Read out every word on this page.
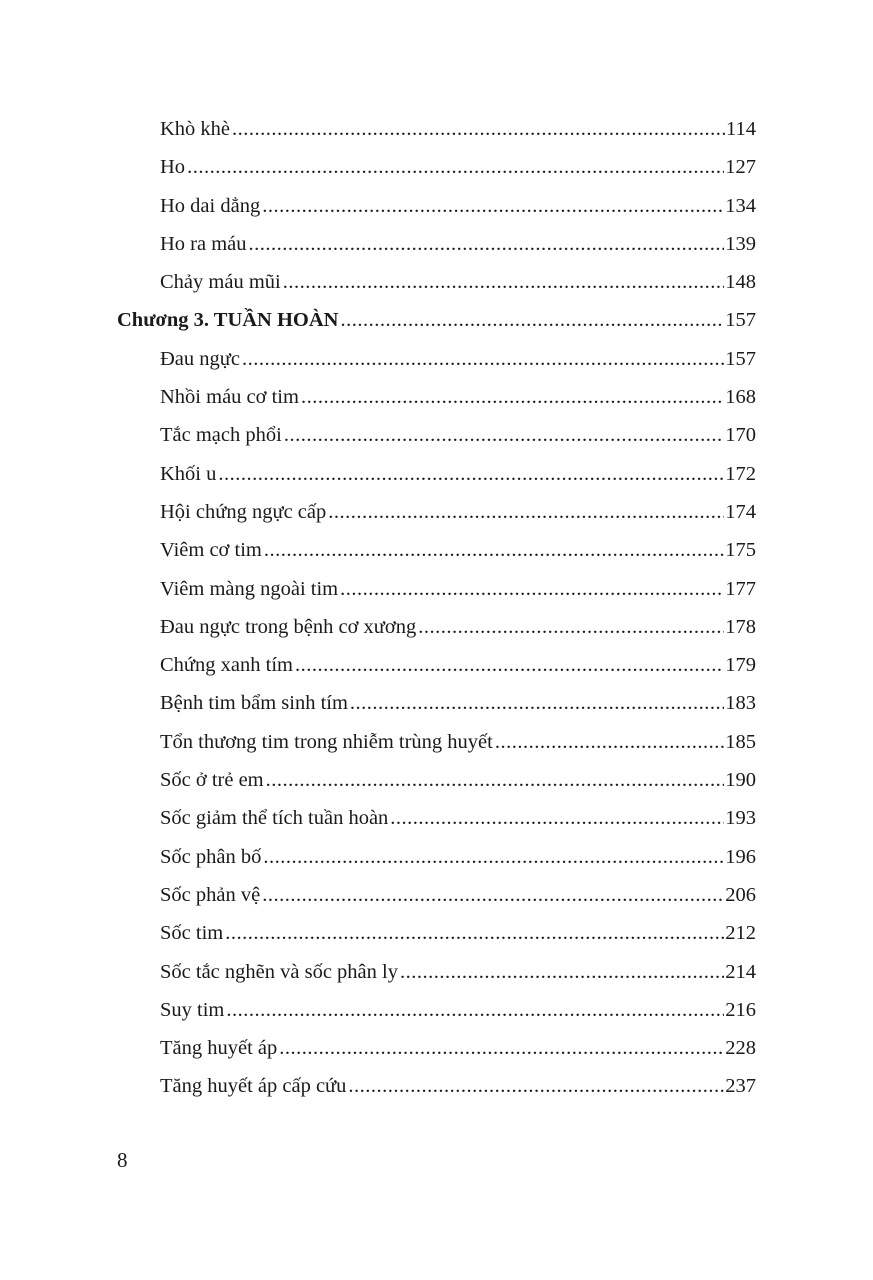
Khò khè .....	114
Ho .....	127
Ho dai dẳng .....	134
Ho ra máu .....	139
Chảy máu mũi .....	148
Chương 3. TUẦN HOÀN .....	157
Đau ngực .....	157
Nhồi máu cơ tim .....	168
Tắc mạch phổi .....	170
Khối u .....	172
Hội chứng ngực cấp .....	174
Viêm cơ tim .....	175
Viêm màng ngoài tim .....	177
Đau ngực trong bệnh cơ xương .....	178
Chứng xanh tím .....	179
Bệnh tim bẩm sinh tím .....	183
Tổn thương tim trong nhiễm trùng huyết .....	185
Sốc ở trẻ em .....	190
Sốc giảm thể tích tuần hoàn .....	193
Sốc phân bố .....	196
Sốc phản vệ .....	206
Sốc tim .....	212
Sốc tắc nghẽn và sốc phân ly .....	214
Suy tim .....	216
Tăng huyết áp .....	228
Tăng huyết áp cấp cứu .....	237
8
